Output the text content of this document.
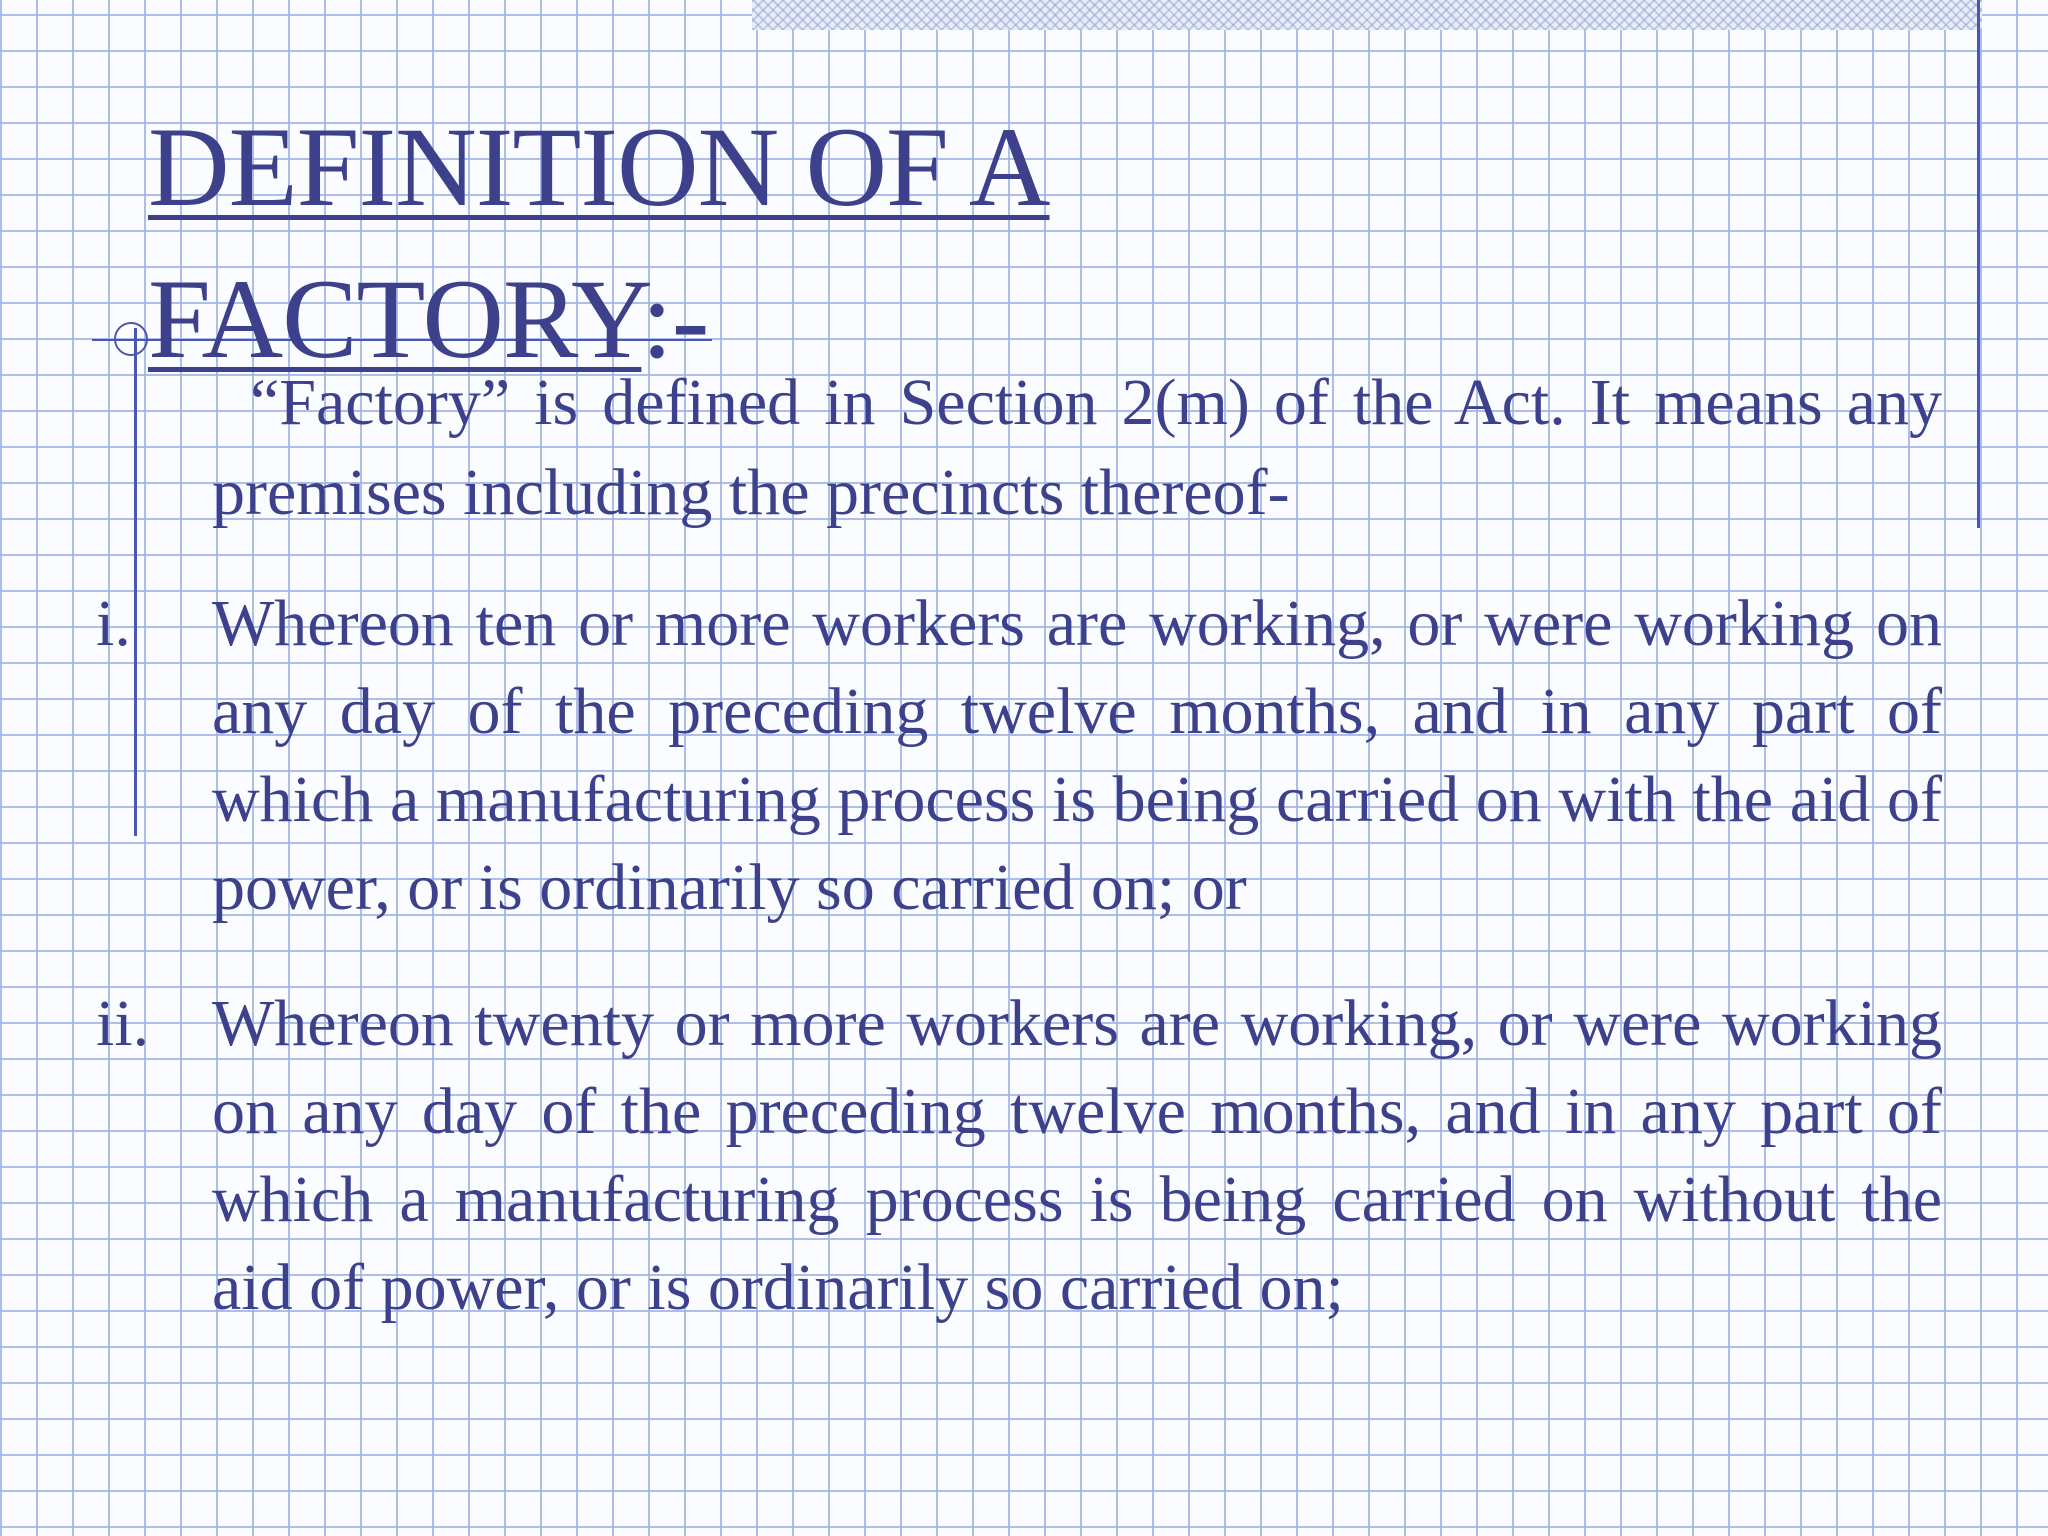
DEFINITION OF A FACTORY:-

“Factory” is defined in Section 2(m) of the Act. It means any premises including the precincts thereof-

i. Whereon ten or more workers are working, or were working on any day of the preceding twelve months, and in any part of which a manufacturing process is being carried on with the aid of power, or is ordinarily so carried on; or

ii. Whereon twenty or more workers are working, or were working on any day of the preceding twelve months, and in any part of which a manufacturing process is being carried on without the aid of power, or is ordinarily so carried on;
